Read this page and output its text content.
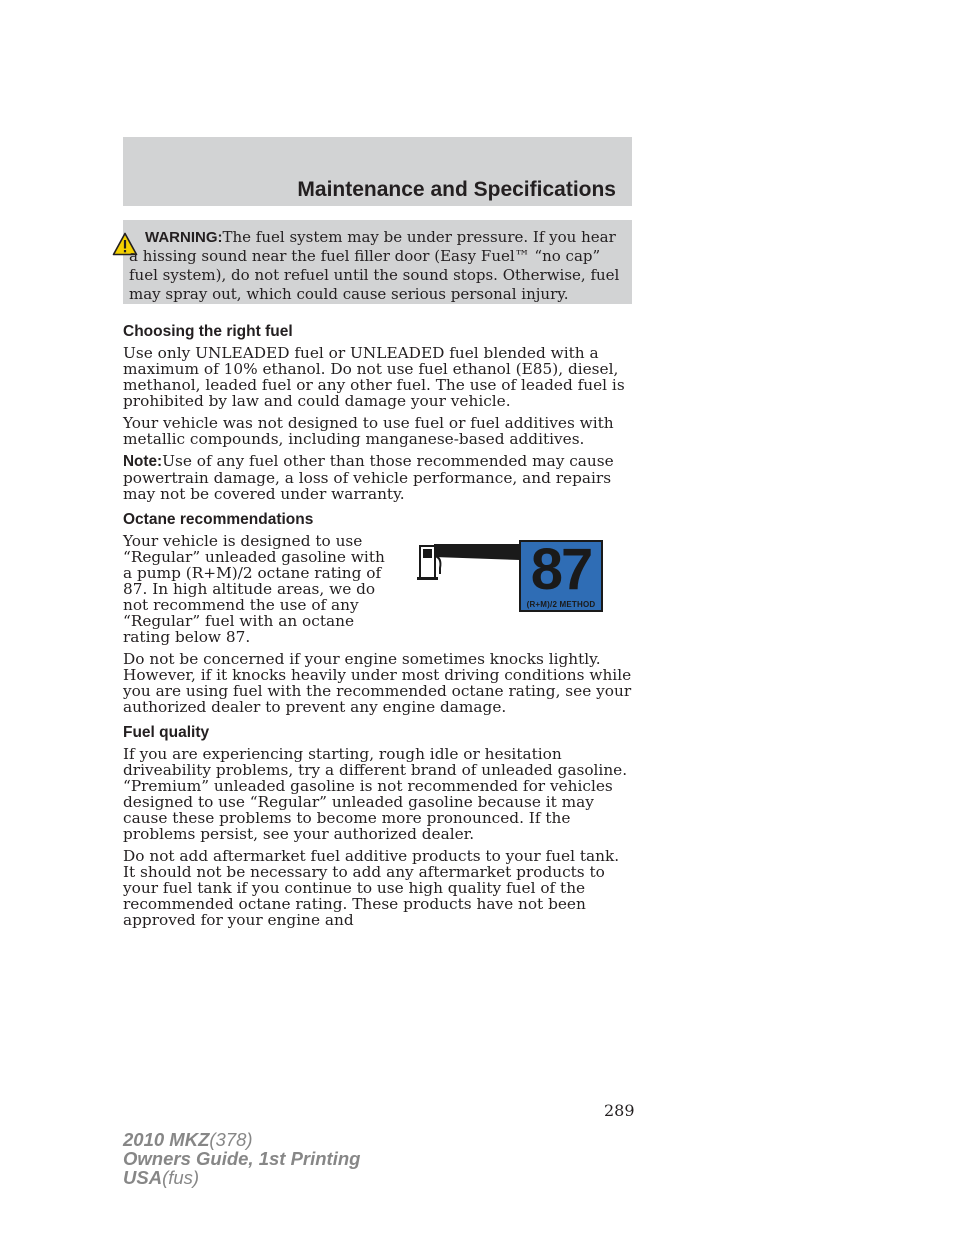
Maintenance and Specifications

WARNING:The fuel system may be under pressure. If you hear a hissing sound near the fuel filler door (Easy Fuel™ “no cap” fuel system), do not refuel until the sound stops. Otherwise, fuel may spray out, which could cause serious personal injury.

Choosing the right fuel

Use only UNLEADED fuel or UNLEADED fuel blended with a maximum of 10% ethanol. Do not use fuel ethanol (E85), diesel, methanol, leaded fuel or any other fuel. The use of leaded fuel is prohibited by law and could damage your vehicle.

Your vehicle was not designed to use fuel or fuel additives with metallic compounds, including manganese-based additives.

Note:Use of any fuel other than those recommended may cause powertrain damage, a loss of vehicle performance, and repairs may not be covered under warranty.

Octane recommendations

Your vehicle is designed to use “Regular” unleaded gasoline with a pump (R+M)/2 octane rating of 87. In high altitude areas, we do not recommend the use of any “Regular” fuel with an octane rating below 87.

Do not be concerned if your engine sometimes knocks lightly. However, if it knocks heavily under most driving conditions while you are using fuel with the recommended octane rating, see your authorized dealer to prevent any engine damage.

Fuel quality

If you are experiencing starting, rough idle or hesitation driveability problems, try a different brand of unleaded gasoline. “Premium” unleaded gasoline is not recommended for vehicles designed to use “Regular” unleaded gasoline because it may cause these problems to become more pronounced. If the problems persist, see your authorized dealer.

Do not add aftermarket fuel additive products to your fuel tank. It should not be necessary to add any aftermarket products to your fuel tank if you continue to use high quality fuel of the recommended octane rating. These products have not been approved for your engine and

87
(R+M)/2 METHOD
289
2010 MKZ(378)
Owners Guide, 1st Printing
USA(fus)
